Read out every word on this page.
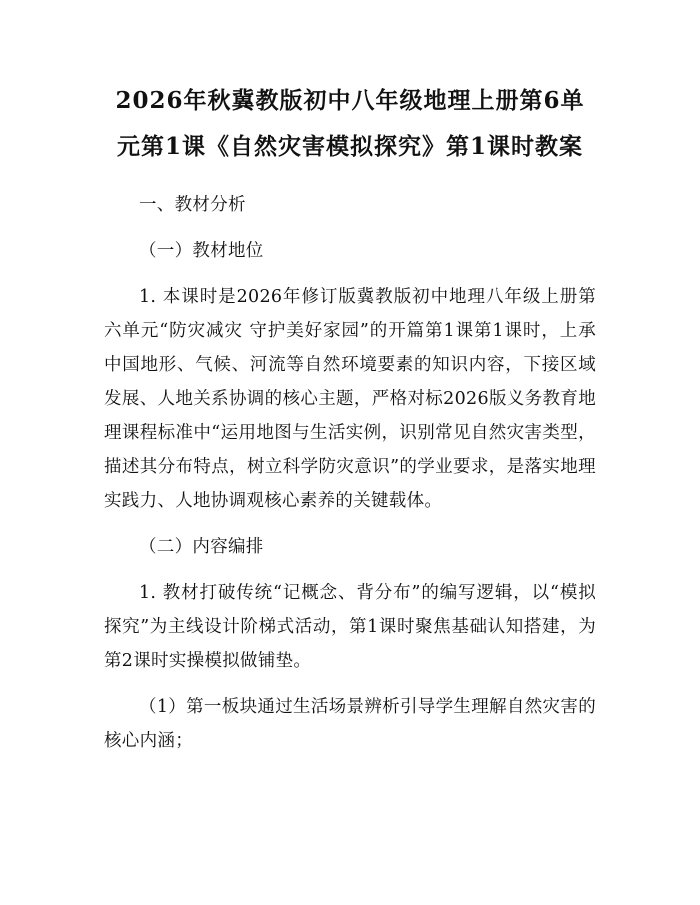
2026年秋冀教版初中八年级地理上册第6单元第1课《自然灾害模拟探究》第1课时教案

一、教材分析

（一）教材地位

1. 本课时是2026年修订版冀教版初中地理八年级上册第六单元“防灾减灾 守护美好家园”的开篇第1课第1课时，上承中国地形、气候、河流等自然环境要素的知识内容，下接区域发展、人地关系协调的核心主题，严格对标2026版义务教育地理课程标准中“运用地图与生活实例，识别常见自然灾害类型，描述其分布特点，树立科学防灾意识”的学业要求，是落实地理实践力、人地协调观核心素养的关键载体。

（二）内容编排

1. 教材打破传统“记概念、背分布”的编写逻辑，以“模拟探究”为主线设计阶梯式活动，第1课时聚焦基础认知搭建，为第2课时实操模拟做铺垫。

（1）第一板块通过生活场景辨析引导学生理解自然灾害的核心内涵；
